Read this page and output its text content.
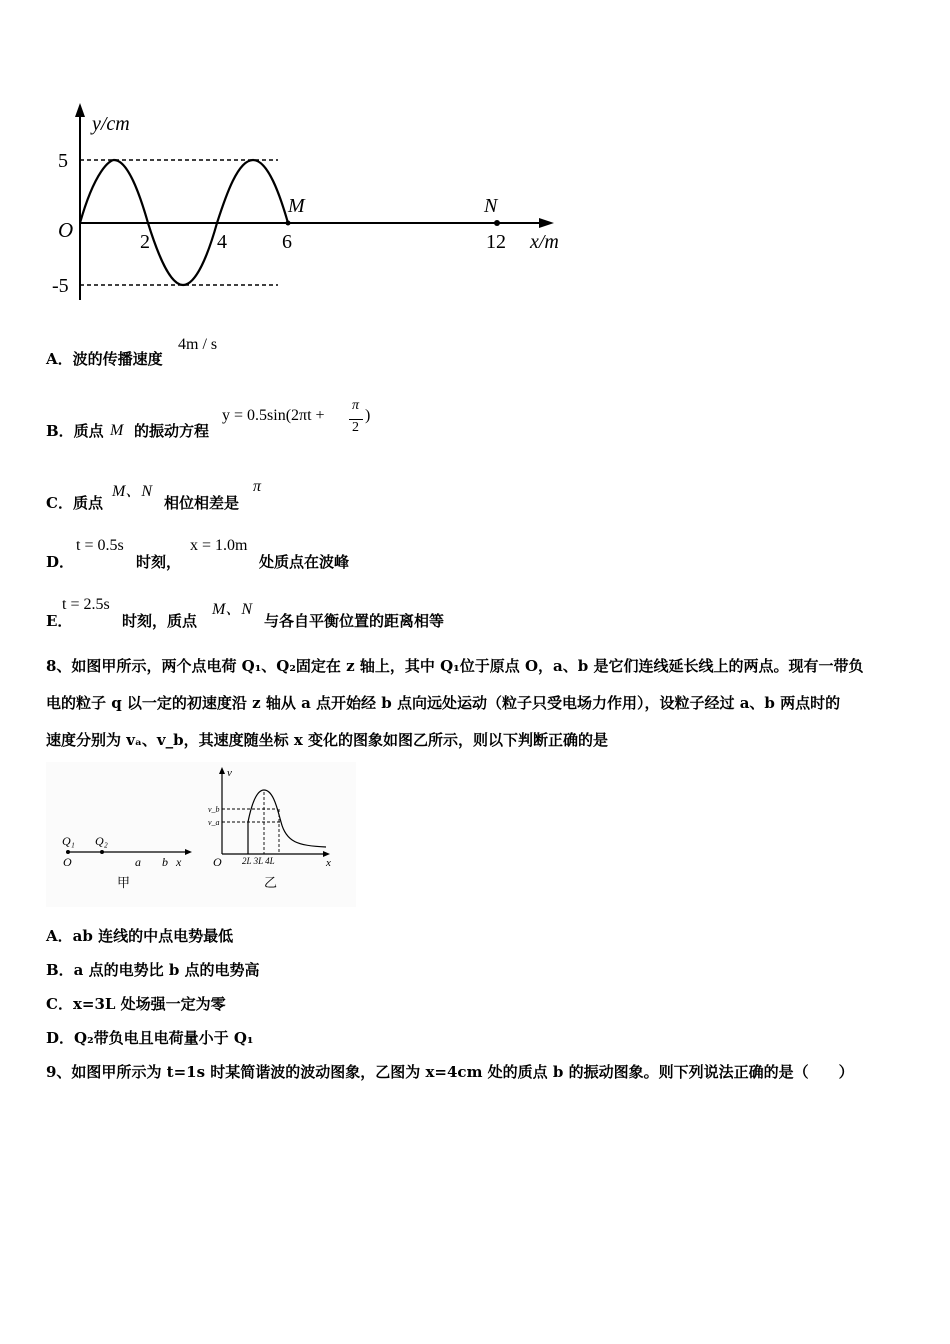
y/cm
x/m
O
5
-5
2	4	6	12
M	N
A．波的传播速度
4m / s
B．质点 M 的振动方程
y = 0.5sin(2πt +
π
2
)
C．质点
M、N
相位相差是
π
D．
t = 0.5s
时刻，
x = 1.0m
处质点在波峰
E．
t = 2.5s
时刻，质点
M、N
与各自平衡位置的距离相等
8、如图甲所示，两个点电荷 Q₁、Q₂固定在 z 轴上，其中 Q₁位于原点 O，a、b 是它们连线延长线上的两点。现有一带负
电的粒子 q 以一定的初速度沿 z 轴从 a 点开始经 b 点向远处运动（粒子只受电场力作用），设粒子经过 a、b 两点时的
速度分别为 vₐ、v_b，其速度随坐标 x 变化的图象如图乙所示，则以下判断正确的是
Q₁ Q₂
O	a b x
甲
v
v_b
v_a
O 2L 3L 4L	x
乙
A．ab 连线的中点电势最低
B．a 点的电势比 b 点的电势高
C．x=3L 处场强一定为零
D．Q₂带负电且电荷量小于 Q₁
9、如图甲所示为 t=1s 时某简谐波的波动图象，乙图为 x=4cm 处的质点 b 的振动图象。则下列说法正确的是（　　）
